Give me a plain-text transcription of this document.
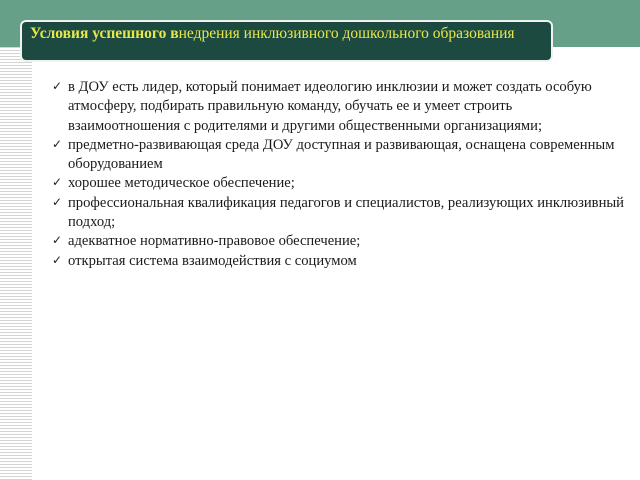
Условия успешного внедрения инклюзивного дошкольного образования
✓ в ДОУ есть лидер, который понимает идеологию инклюзии и может создать особую атмосферу, подбирать правильную команду, обучать ее и умеет строить взаимоотношения с родителями и другими общественными организациями;
✓ предметно-развивающая среда ДОУ доступная и развивающая, оснащена современным оборудованием
✓ хорошее методическое обеспечение;
✓ профессиональная квалификация педагогов и специалистов, реализующих инклюзивный подход;
✓ адекватное нормативно-правовое обеспечение;
✓ открытая система взаимодействия с социумом
